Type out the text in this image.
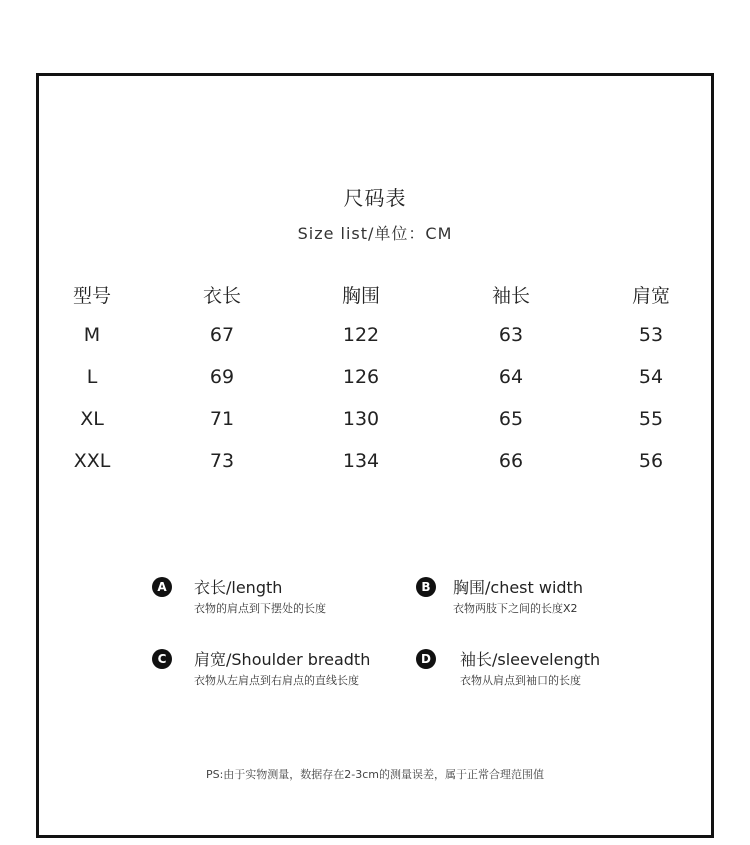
尺码表
Size list/单位：CM
型号	衣长	胸围	袖长	肩宽
M	67	122	63	53
L	69	126	64	54
XL	71	130	65	55
XXL	73	134	66	56
A	衣长/length
衣物的肩点到下摆处的长度
B	胸围/chest width
衣物两肢下之间的长度X2
C	肩宽/Shoulder breadth
衣物从左肩点到右肩点的直线长度
D	袖长/sleevelength
衣物从肩点到袖口的长度
PS:由于实物测量，数据存在2-3cm的测量误差，属于正常合理范围值
